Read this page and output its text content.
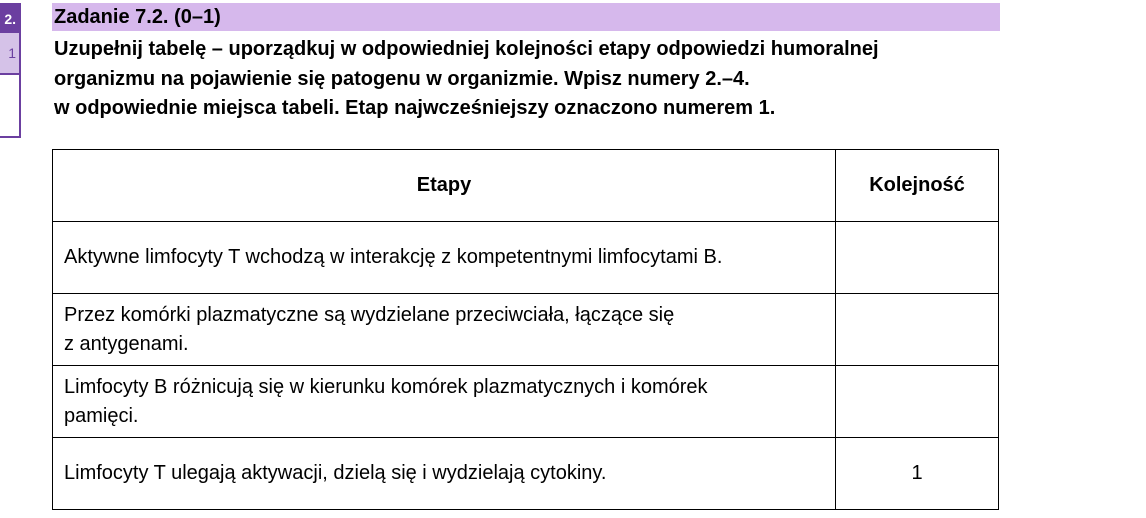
2.
1
Zadanie 7.2. (0–1)
Uzupełnij tabelę – uporządkuj w odpowiedniej kolejności etapy odpowiedzi humoralnej
organizmu na pojawienie się patogenu w organizmie. Wpisz numery 2.–4.
w odpowiednie miejsca tabeli. Etap najwcześniejszy oznaczono numerem 1.
Etapy	Kolejność
Aktywne limfocyty T wchodzą w interakcję z kompetentnymi limfocytami B.	
Przez komórki plazmatyczne są wydzielane przeciwciała, łączące się
z antygenami.	
Limfocyty B różnicują się w kierunku komórek plazmatycznych i komórek
pamięci.	
Limfocyty T ulegają aktywacji, dzielą się i wydzielają cytokiny.	1
